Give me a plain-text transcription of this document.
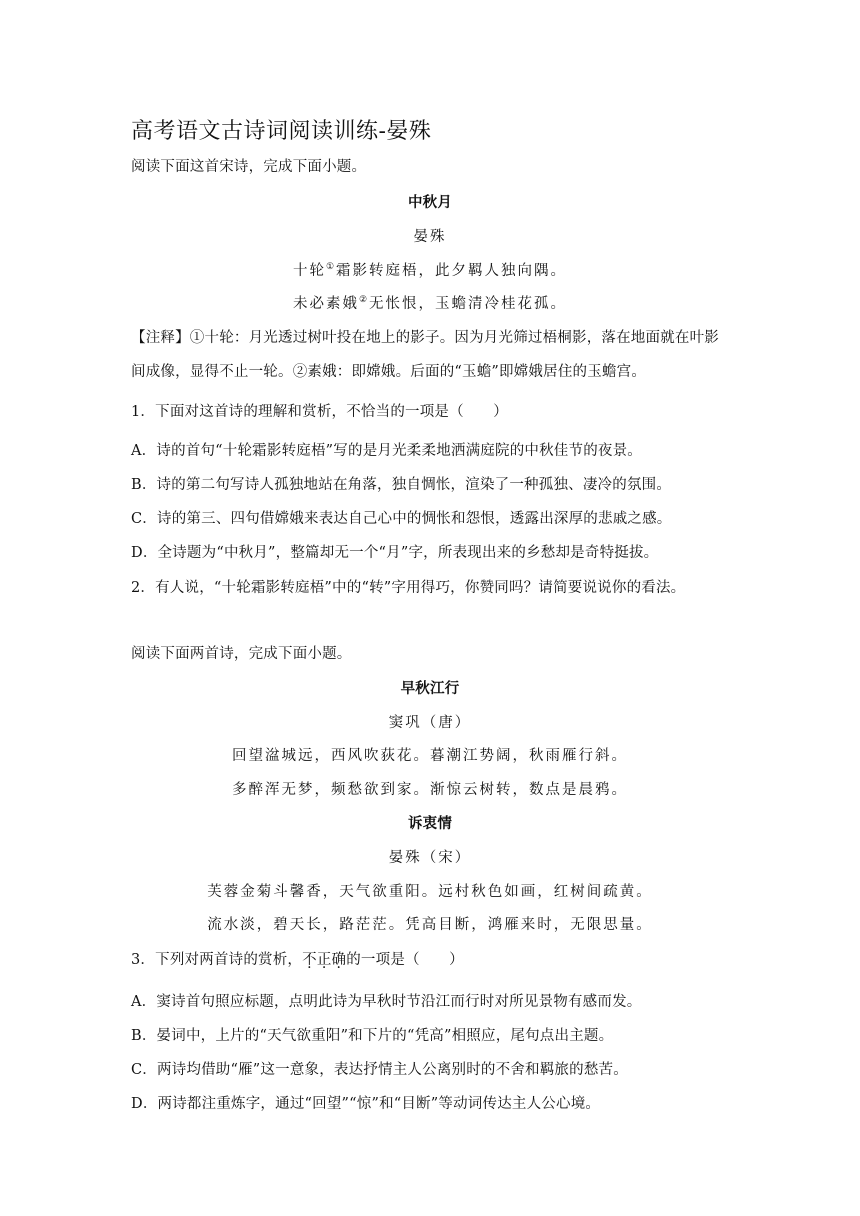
高考语文古诗词阅读训练-晏殊
阅读下面这首宋诗，完成下面小题。
中秋月
晏殊
十轮①霜影转庭梧，此夕羁人独向隅。
未必素娥②无怅恨，玉蟾清冷桂花孤。
【注释】①十轮：月光透过树叶投在地上的影子。因为月光筛过梧桐影，落在地面就在叶影
间成像，显得不止一轮。②素娥：即嫦娥。后面的“玉蟾”即嫦娥居住的玉蟾宫。
1．下面对这首诗的理解和赏析，不恰当的一项是（　　）
A．诗的首句“十轮霜影转庭梧”写的是月光柔柔地洒满庭院的中秋佳节的夜景。
B．诗的第二句写诗人孤独地站在角落，独自惆怅，渲染了一种孤独、凄冷的氛围。
C．诗的第三、四句借嫦娥来表达自己心中的惆怅和怨恨，透露出深厚的悲戚之感。
D．全诗题为“中秋月”，整篇却无一个“月”字，所表现出来的乡愁却是奇特挺拔。
2．有人说，“十轮霜影转庭梧”中的“转”字用得巧，你赞同吗？请简要说说你的看法。
阅读下面两首诗，完成下面小题。
早秋江行
窦巩（唐）
回望湓城远，西风吹荻花。暮潮江势阔，秋雨雁行斜。
多醉浑无梦，频愁欲到家。渐惊云树转，数点是晨鸦。
诉衷情
晏殊（宋）
芙蓉金菊斗馨香，天气欲重阳。远村秋色如画，红树间疏黄。
流水淡，碧天长，路茫茫。凭高目断，鸿雁来时，无限思量。
3．下列对两首诗的赏析，不正确的一项是（　　）
A．窦诗首句照应标题，点明此诗为早秋时节沿江而行时对所见景物有感而发。
B．晏词中，上片的“天气欲重阳”和下片的“凭高”相照应，尾句点出主题。
C．两诗均借助“雁”这一意象，表达抒情主人公离别时的不舍和羁旅的愁苦。
D．两诗都注重炼字，通过“回望”“惊”和“目断”等动词传达主人公心境。
